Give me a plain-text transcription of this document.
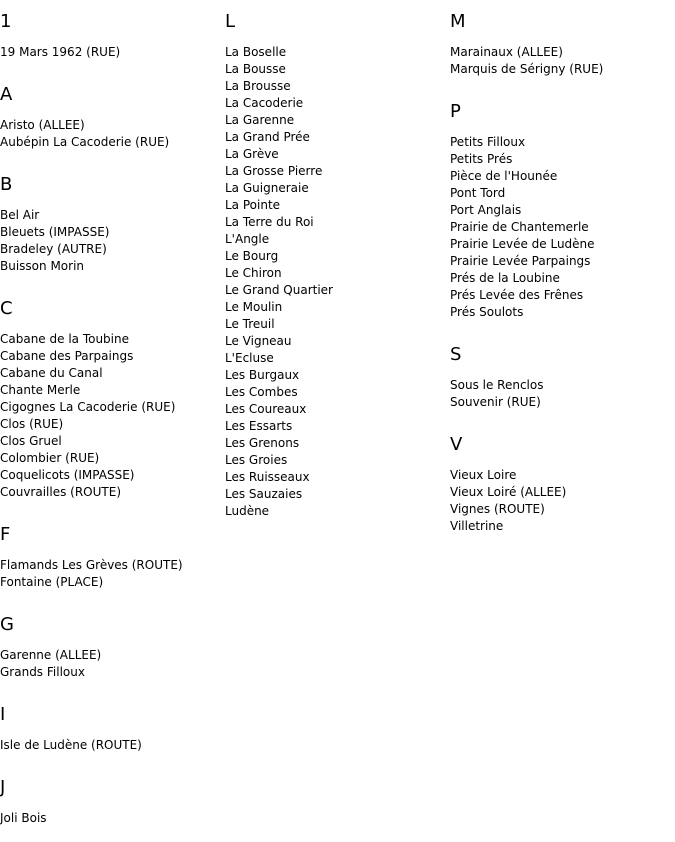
1
19 Mars 1962 (RUE)
A
Aristo (ALLEE)
Aubépin La Cacoderie (RUE)
B
Bel Air
Bleuets (IMPASSE)
Bradeley (AUTRE)
Buisson Morin
C
Cabane de la Toubine
Cabane des Parpaings
Cabane du Canal
Chante Merle
Cigognes La Cacoderie (RUE)
Clos (RUE)
Clos Gruel
Colombier (RUE)
Coquelicots (IMPASSE)
Couvrailles (ROUTE)
F
Flamands Les Grèves (ROUTE)
Fontaine (PLACE)
G
Garenne (ALLEE)
Grands Filloux
I
Isle de Ludène (ROUTE)
J
Joli Bois
L
La Boselle
La Bousse
La Brousse
La Cacoderie
La Garenne
La Grand Prée
La Grève
La Grosse Pierre
La Guigneraie
La Pointe
La Terre du Roi
L'Angle
Le Bourg
Le Chiron
Le Grand Quartier
Le Moulin
Le Treuil
Le Vigneau
L'Ecluse
Les Burgaux
Les Combes
Les Coureaux
Les Essarts
Les Grenons
Les Groies
Les Ruisseaux
Les Sauzaies
Ludène
M
Marainaux (ALLEE)
Marquis de Sérigny (RUE)
P
Petits Filloux
Petits Prés
Pièce de l'Hounée
Pont Tord
Port Anglais
Prairie de Chantemerle
Prairie Levée de Ludène
Prairie Levée Parpaings
Prés de la Loubine
Prés Levée des Frênes
Prés Soulots
S
Sous le Renclos
Souvenir (RUE)
V
Vieux Loire
Vieux Loiré (ALLEE)
Vignes (ROUTE)
Villetrine
